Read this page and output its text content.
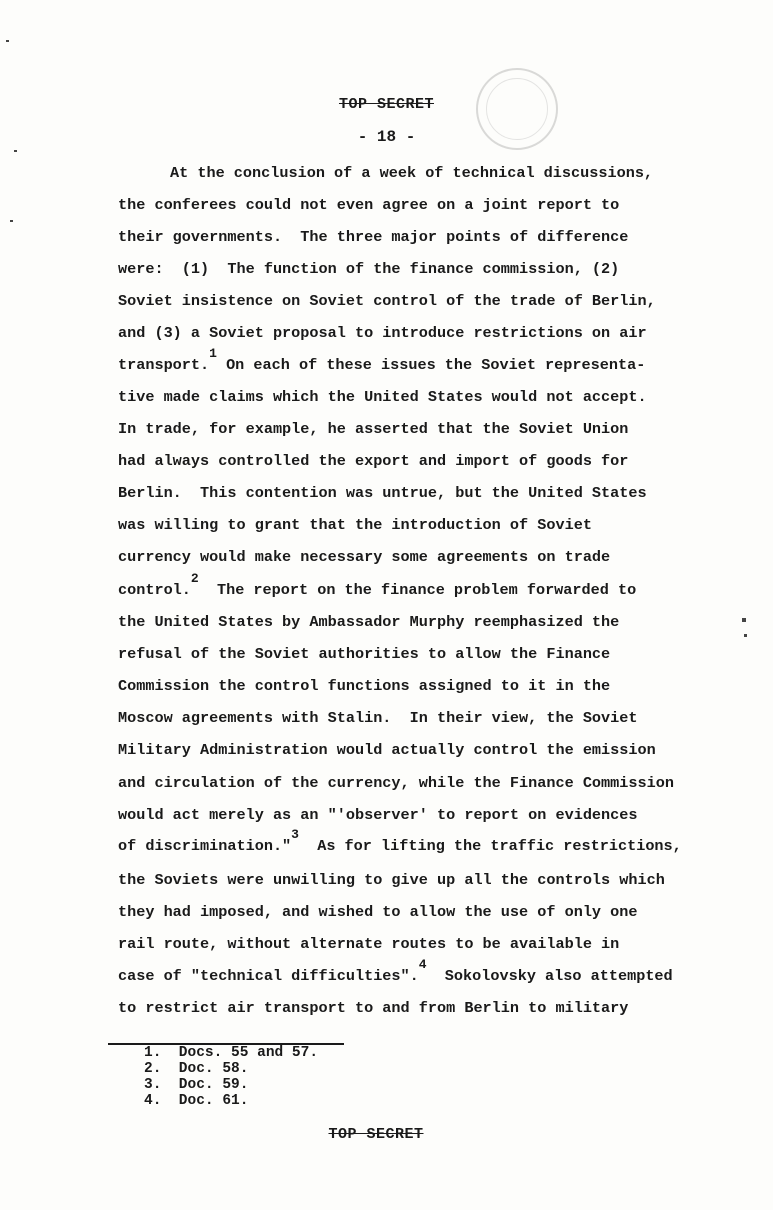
TOP SECRET
- 18 -
At the conclusion of a week of technical discussions,
the conferees could not even agree on a joint report to
their governments.  The three major points of difference
were:  (1)  The function of the finance commission, (2)
Soviet insistence on Soviet control of the trade of Berlin,
and (3) a Soviet proposal to introduce restrictions on air
transport.$^1$ On each of these issues the Soviet representa-
tive made claims which the United States would not accept.
In trade, for example, he asserted that the Soviet Union
had always controlled the export and import of goods for
Berlin.  This contention was untrue, but the United States
was willing to grant that the introduction of Soviet
currency would make necessary some agreements on trade
control.$^2$  The report on the finance problem forwarded to
the United States by Ambassador Murphy reemphasized the
refusal of the Soviet authorities to allow the Finance
Commission the control functions assigned to it in the
Moscow agreements with Stalin.  In their view, the Soviet
Military Administration would actually control the emission
and circulation of the currency, while the Finance Commission
would act merely as an "'observer' to report on evidences
of discrimination."$^3$  As for lifting the traffic restrictions,
the Soviets were unwilling to give up all the controls which
they had imposed, and wished to allow the use of only one
rail route, without alternate routes to be available in
case of "technical difficulties".$^4$  Sokolovsky also attempted
to restrict air transport to and from Berlin to military
1.  Docs. 55 and 57.
2.  Doc. 58.
3.  Doc. 59.
4.  Doc. 61.
TOP SECRET
